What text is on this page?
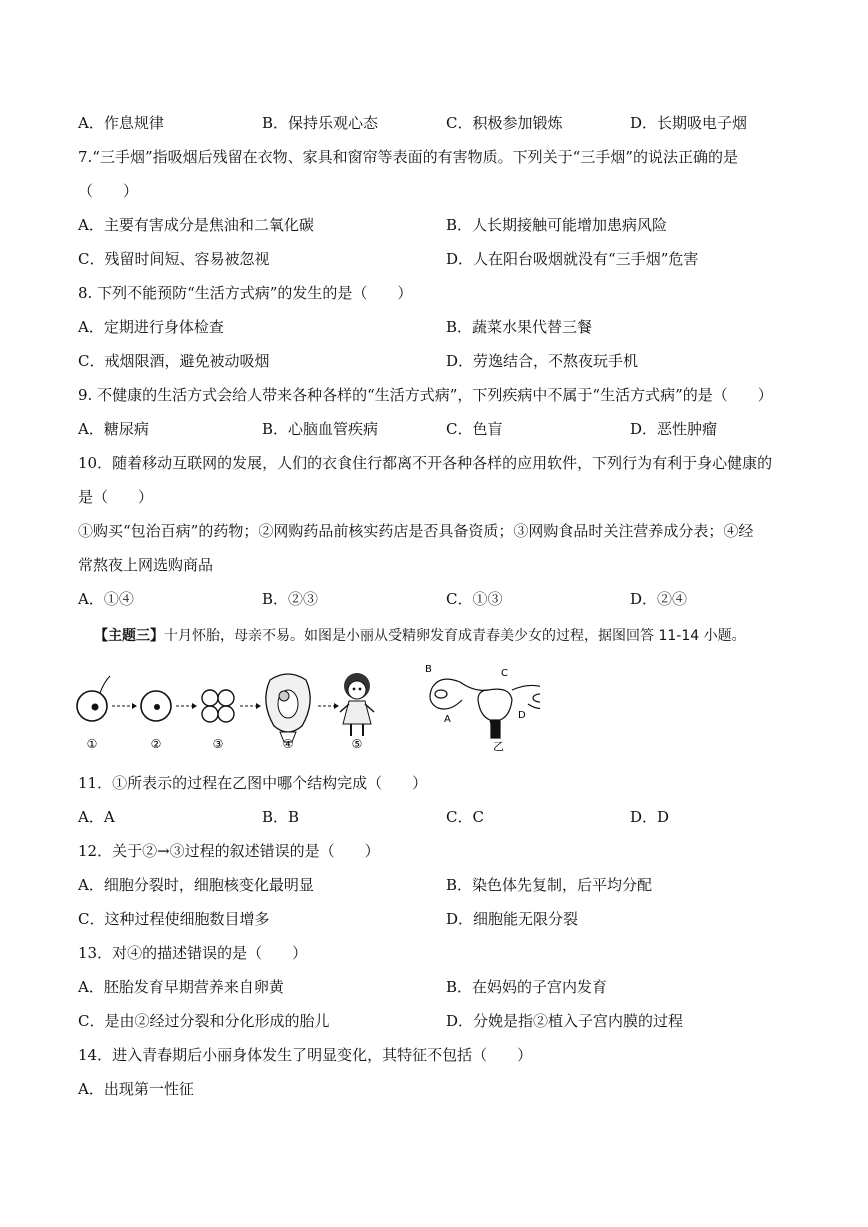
A．作息规律	B．保持乐观心态	C．积极参加锻炼	D．长期吸电子烟
7.“三手烟”指吸烟后残留在衣物、家具和窗帘等表面的有害物质。下列关于“三手烟”的说法正确的是
（　　）
A．主要有害成分是焦油和二氧化碳	B．人长期接触可能增加患病风险
C．残留时间短、容易被忽视	D．人在阳台吸烟就没有“三手烟”危害
8. 下列不能预防“生活方式病”的发生的是（　　）
A．定期进行身体检查	B．蔬菜水果代替三餐
C．戒烟限酒，避免被动吸烟	D．劳逸结合，不熬夜玩手机
9. 不健康的生活方式会给人带来各种各样的“生活方式病”，下列疾病中不属于“生活方式病”的是（　　）
A．糖尿病	B．心脑血管疾病	C．色盲	D．恶性肿瘤
10．随着移动互联网的发展，人们的衣食住行都离不开各种各样的应用软件，下列行为有利于身心健康的
是（　　）
①购买“包治百病”的药物；②网购药品前核实药店是否具备资质；③网购食品时关注营养成分表；④经
常熬夜上网选购商品
A．①④	B．②③	C．①③	D．②④
【主题三】十月怀胎，母亲不易。如图是小丽从受精卵发育成青春美少女的过程，据图回答 11-14 小题。
①	②	③	④	⑤
B	C
A	D
乙
11．①所表示的过程在乙图中哪个结构完成（　　）
A．A	B．B	C．C	D．D
12．关于②→③过程的叙述错误的是（　　）
A．细胞分裂时，细胞核变化最明显	B．染色体先复制，后平均分配
C．这种过程使细胞数目增多	D．细胞能无限分裂
13．对④的描述错误的是（　　）
A．胚胎发育早期营养来自卵黄	B．在妈妈的子宫内发育
C．是由②经过分裂和分化形成的胎儿	D．分娩是指②植入子宫内膜的过程
14．进入青春期后小丽身体发生了明显变化，其特征不包括（　　）
A．出现第一性征
